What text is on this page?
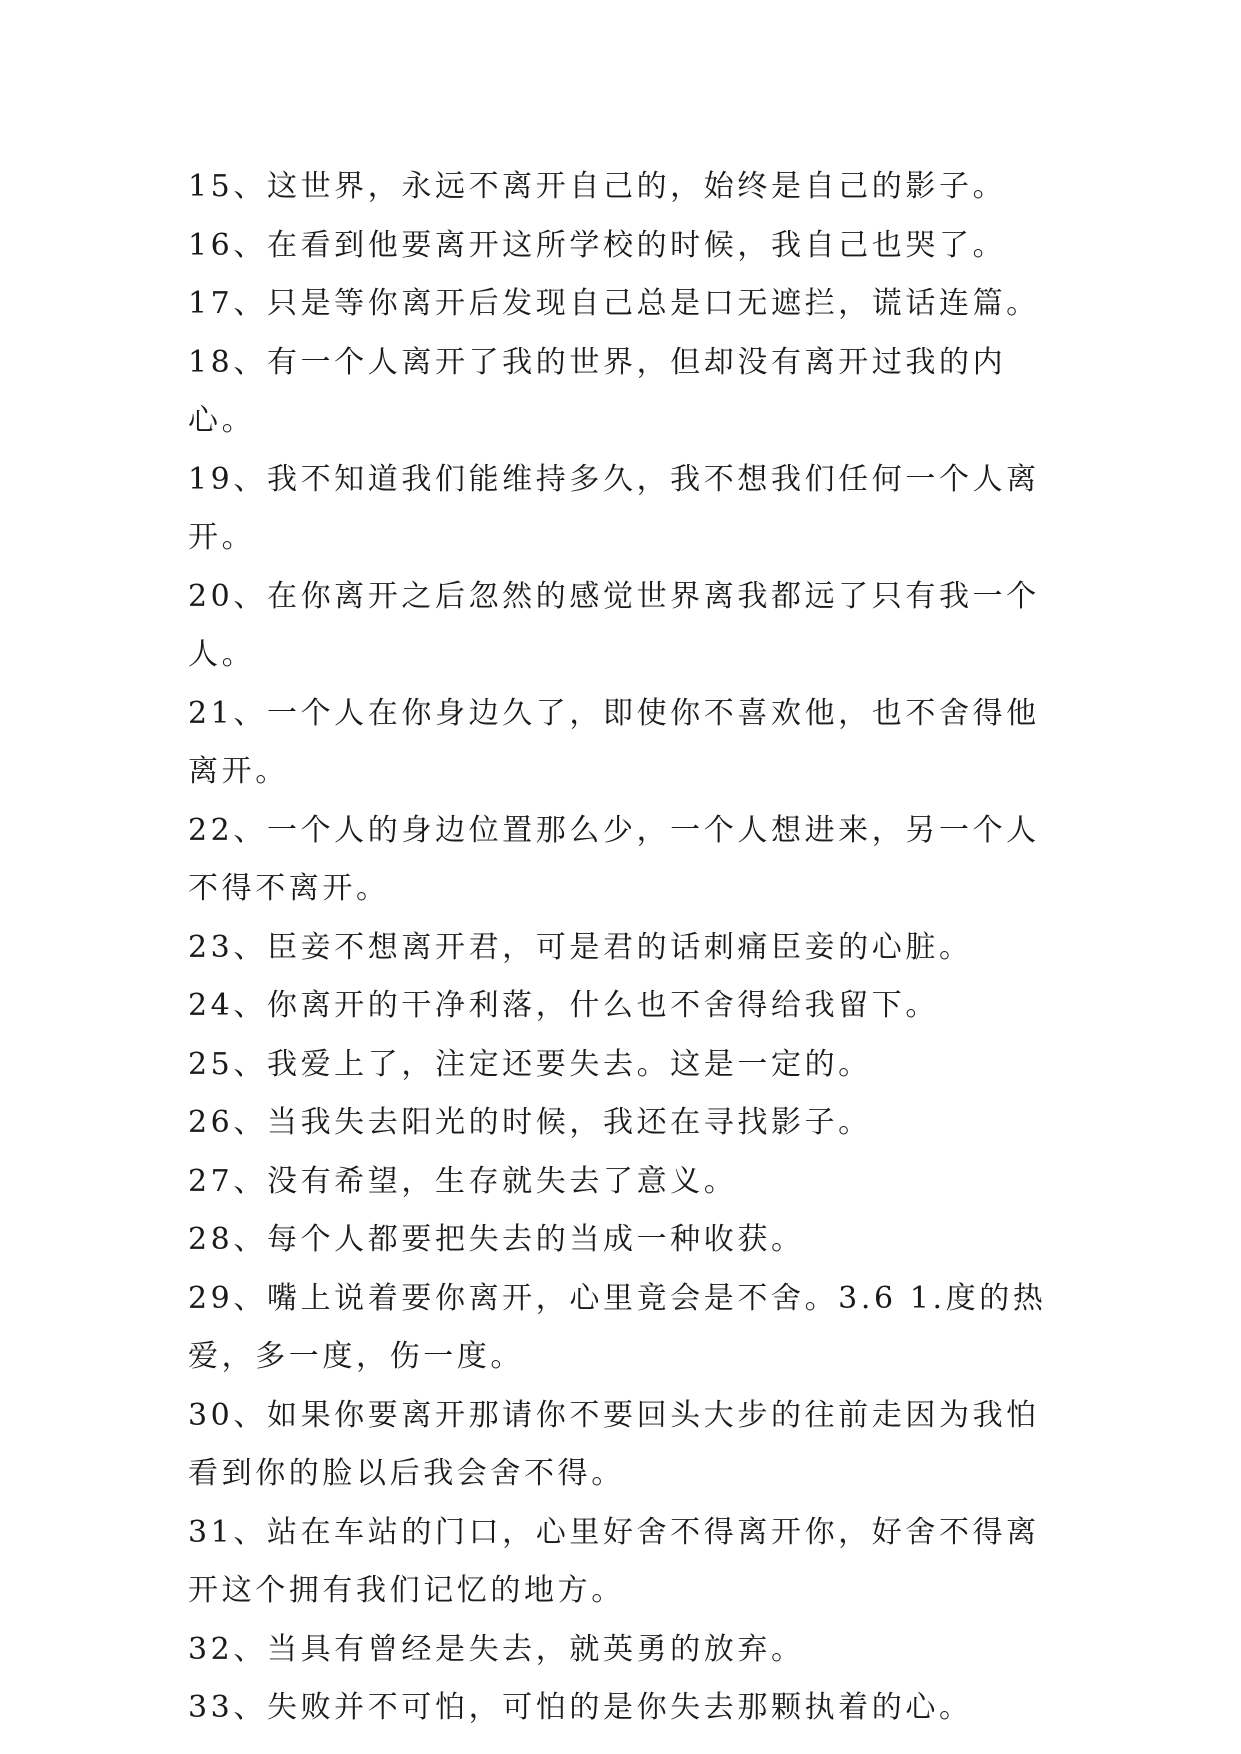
15、这世界，永远不离开自己的，始终是自己的影子。

16、在看到他要离开这所学校的时候，我自己也哭了。

17、只是等你离开后发现自己总是口无遮拦，谎话连篇。

18、有一个人离开了我的世界，但却没有离开过我的内心。

19、我不知道我们能维持多久，我不想我们任何一个人离开。

20、在你离开之后忽然的感觉世界离我都远了只有我一个人。

21、一个人在你身边久了，即使你不喜欢他，也不舍得他离开。

22、一个人的身边位置那么少，一个人想进来，另一个人不得不离开。

23、臣妾不想离开君，可是君的话刺痛臣妾的心脏。

24、你离开的干净利落，什么也不舍得给我留下。

25、我爱上了，注定还要失去。这是一定的。

26、当我失去阳光的时候，我还在寻找影子。

27、没有希望，生存就失去了意义。

28、每个人都要把失去的当成一种收获。

29、嘴上说着要你离开，心里竟会是不舍。3.6 1.度的热爱，多一度，伤一度。

30、如果你要离开那请你不要回头大步的往前走因为我怕看到你的脸以后我会舍不得。

31、站在车站的门口，心里好舍不得离开你，好舍不得离开这个拥有我们记忆的地方。

32、当具有曾经是失去，就英勇的放弃。

33、失败并不可怕，可怕的是你失去那颗执着的心。
